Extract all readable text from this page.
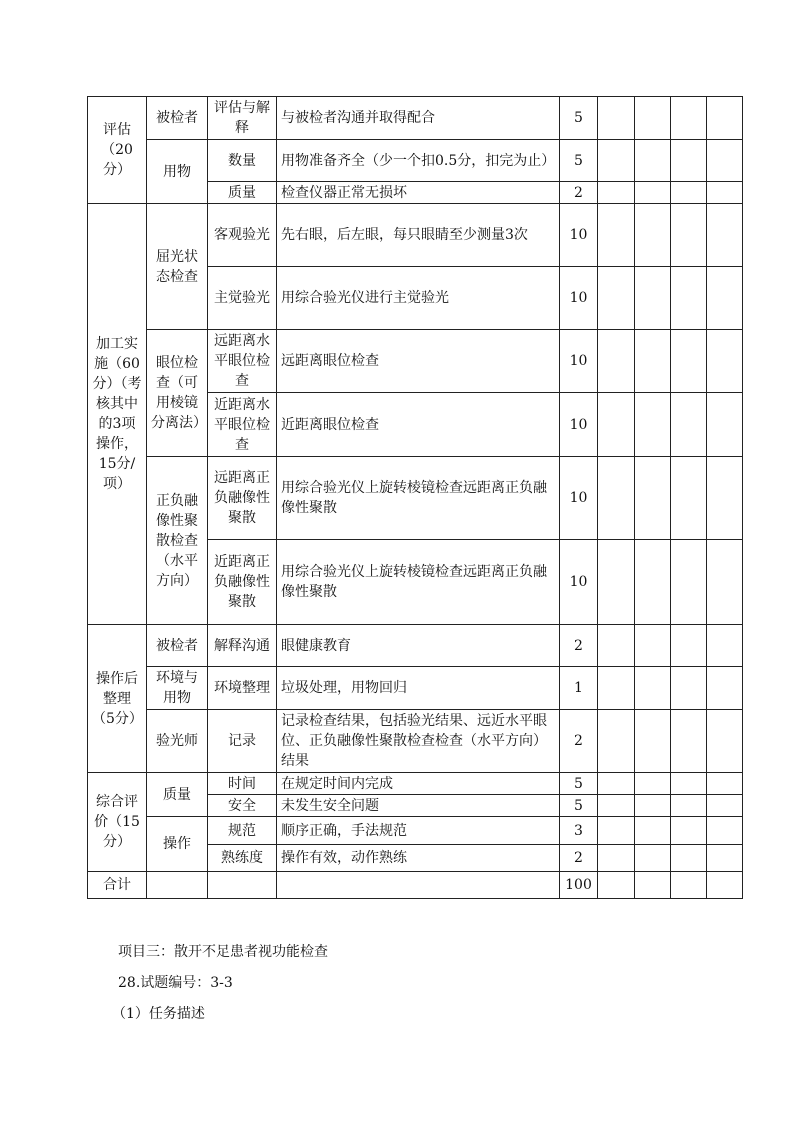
评估（20分）	被检者	评估与解释	与被检者沟通并取得配合	5				
	用物	数量	用物准备齐全（少一个扣0.5分，扣完为止）	5				
		质量	检查仪器正常无损坏	2				
加工实施（60分）（考核其中的3项操作，15分/项）	屈光状态检查	客观验光	先右眼，后左眼，每只眼睛至少测量3次	10				
		主觉验光	用综合验光仪进行主觉验光	10				
	眼位检查（可用棱镜分离法）	远距离水平眼位检查	远距离眼位检查	10				
		近距离水平眼位检查	近距离眼位检查	10				
	正负融像性聚散检查（水平方向）	远距离正负融像性聚散	用综合验光仪上旋转棱镜检查远距离正负融像性聚散	10				
		近距离正负融像性聚散	用综合验光仪上旋转棱镜检查远距离正负融像性聚散	10				
操作后整理（5分）	被检者	解释沟通	眼健康教育	2				
	环境与用物	环境整理	垃圾处理，用物回归	1				
	验光师	记录	记录检查结果，包括验光结果、远近水平眼位、正负融像性聚散检查检查（水平方向）结果	2				
综合评价（15分）	质量	时间	在规定时间内完成	5				
		安全	未发生安全问题	5				
	操作	规范	顺序正确，手法规范	3				
		熟练度	操作有效，动作熟练	2				
合计				100				
项目三：散开不足患者视功能检查
28.试题编号：3-3
（1）任务描述
